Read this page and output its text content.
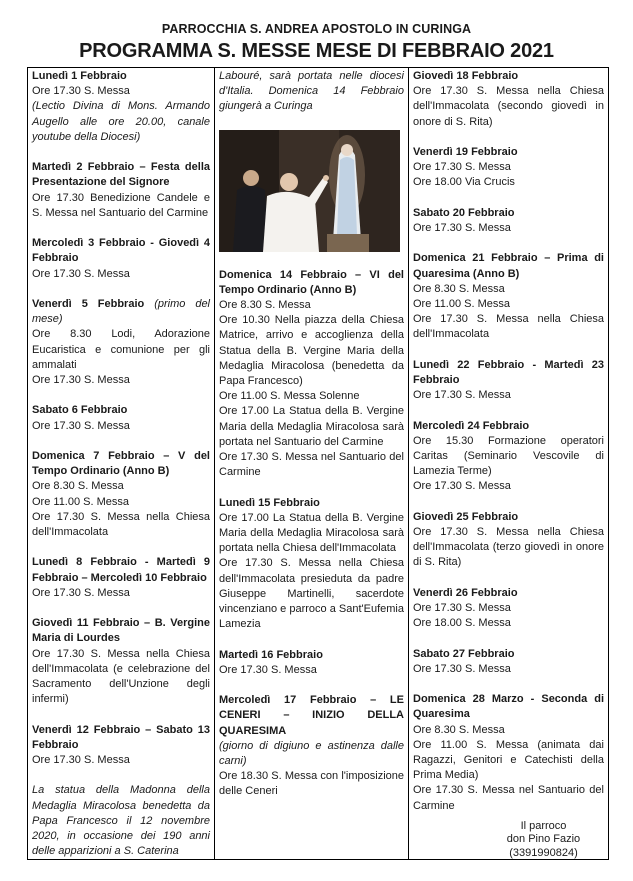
PARROCCHIA S. ANDREA APOSTOLO IN CURINGA
PROGRAMMA S. MESSE MESE DI FEBBRAIO 2021
Lunedì 1 Febbraio
Ore 17.30 S. Messa
(Lectio Divina di Mons. Armando Augello alle ore 20.00, canale youtube della Diocesi)
Martedì 2 Febbraio – Festa della Presentazione del Signore
Ore 17.30 Benedizione Candele e S. Messa nel Santuario del Carmine
Mercoledì 3 Febbraio - Giovedì 4 Febbraio
Ore 17.30 S. Messa
Venerdì 5 Febbraio (primo del mese)
Ore 8.30 Lodi, Adorazione Eucaristica e comunione per gli ammalati
Ore 17.30 S. Messa
Sabato 6 Febbraio
Ore 17.30 S. Messa
Domenica 7 Febbraio – V del Tempo Ordinario (Anno B)
Ore 8.30 S. Messa
Ore 11.00 S. Messa
Ore 17.30 S. Messa nella Chiesa dell'Immacolata
Lunedì 8 Febbraio - Martedì 9 Febbraio – Mercoledì 10 Febbraio
Ore 17.30 S. Messa
Giovedì 11 Febbraio – B. Vergine Maria di Lourdes
Ore 17.30 S. Messa nella Chiesa dell'Immacolata (e celebrazione del Sacramento dell'Unzione degli infermi)
Venerdì 12 Febbraio – Sabato 13 Febbraio
Ore 17.30 S. Messa
La statua della Madonna della Medaglia Miracolosa benedetta da Papa Francesco il 12 novembre 2020, in occasione dei 190 anni delle apparizioni a S. Caterina
Labouré, sarà portata nelle diocesi d'Italia. Domenica 14 Febbraio giungerà a Curinga
Domenica 14 Febbraio – VI del Tempo Ordinario (Anno B)
Ore 8.30 S. Messa
Ore 10.30 Nella piazza della Chiesa Matrice, arrivo e accoglienza della Statua della B. Vergine Maria della Medaglia Miracolosa (benedetta da Papa Francesco)
Ore 11.00 S. Messa Solenne
Ore 17.00 La Statua della B. Vergine Maria della Medaglia Miracolosa sarà portata nel Santuario del Carmine
Ore 17.30 S. Messa nel Santuario del Carmine
Lunedì 15 Febbraio
Ore 17.00 La Statua della B. Vergine Maria della Medaglia Miracolosa sarà portata nella Chiesa dell'Immacolata
Ore 17.30 S. Messa nella Chiesa dell'Immacolata presieduta da padre Giuseppe Martinelli, sacerdote vincenziano e parroco a Sant'Eufemia Lamezia
Martedì 16 Febbraio
Ore 17.30 S. Messa
Mercoledì 17 Febbraio – LE CENERI – INIZIO DELLA QUARESIMA
(giorno di digiuno e astinenza dalle carni)
Ore 18.30 S. Messa con l'imposizione delle Ceneri
Giovedì 18 Febbraio
Ore 17.30 S. Messa nella Chiesa dell'Immacolata (secondo giovedì in onore di S. Rita)
Venerdì 19 Febbraio
Ore 17.30 S. Messa
Ore 18.00 Via Crucis
Sabato 20 Febbraio
Ore 17.30 S. Messa
Domenica 21 Febbraio – Prima di Quaresima (Anno B)
Ore 8.30 S. Messa
Ore 11.00 S. Messa
Ore 17.30 S. Messa nella Chiesa dell'Immacolata
Lunedì 22 Febbraio - Martedì 23 Febbraio
Ore 17.30 S. Messa
Mercoledì 24 Febbraio
Ore 15.30 Formazione operatori Caritas (Seminario Vescovile di Lamezia Terme)
Ore 17.30 S. Messa
Giovedì 25 Febbraio
Ore 17.30 S. Messa nella Chiesa dell'Immacolata (terzo giovedì in onore di S. Rita)
Venerdì 26 Febbraio
Ore 17.30 S. Messa
Ore 18.00 S. Messa
Sabato 27 Febbraio
Ore 17.30 S. Messa
Domenica 28 Marzo - Seconda di Quaresima
Ore 8.30 S. Messa
Ore 11.00 S. Messa (animata dai Ragazzi, Genitori e Catechisti della Prima Media)
Ore 17.30 S. Messa nel Santuario del Carmine
Il parroco
don Pino Fazio
(3391990824)
